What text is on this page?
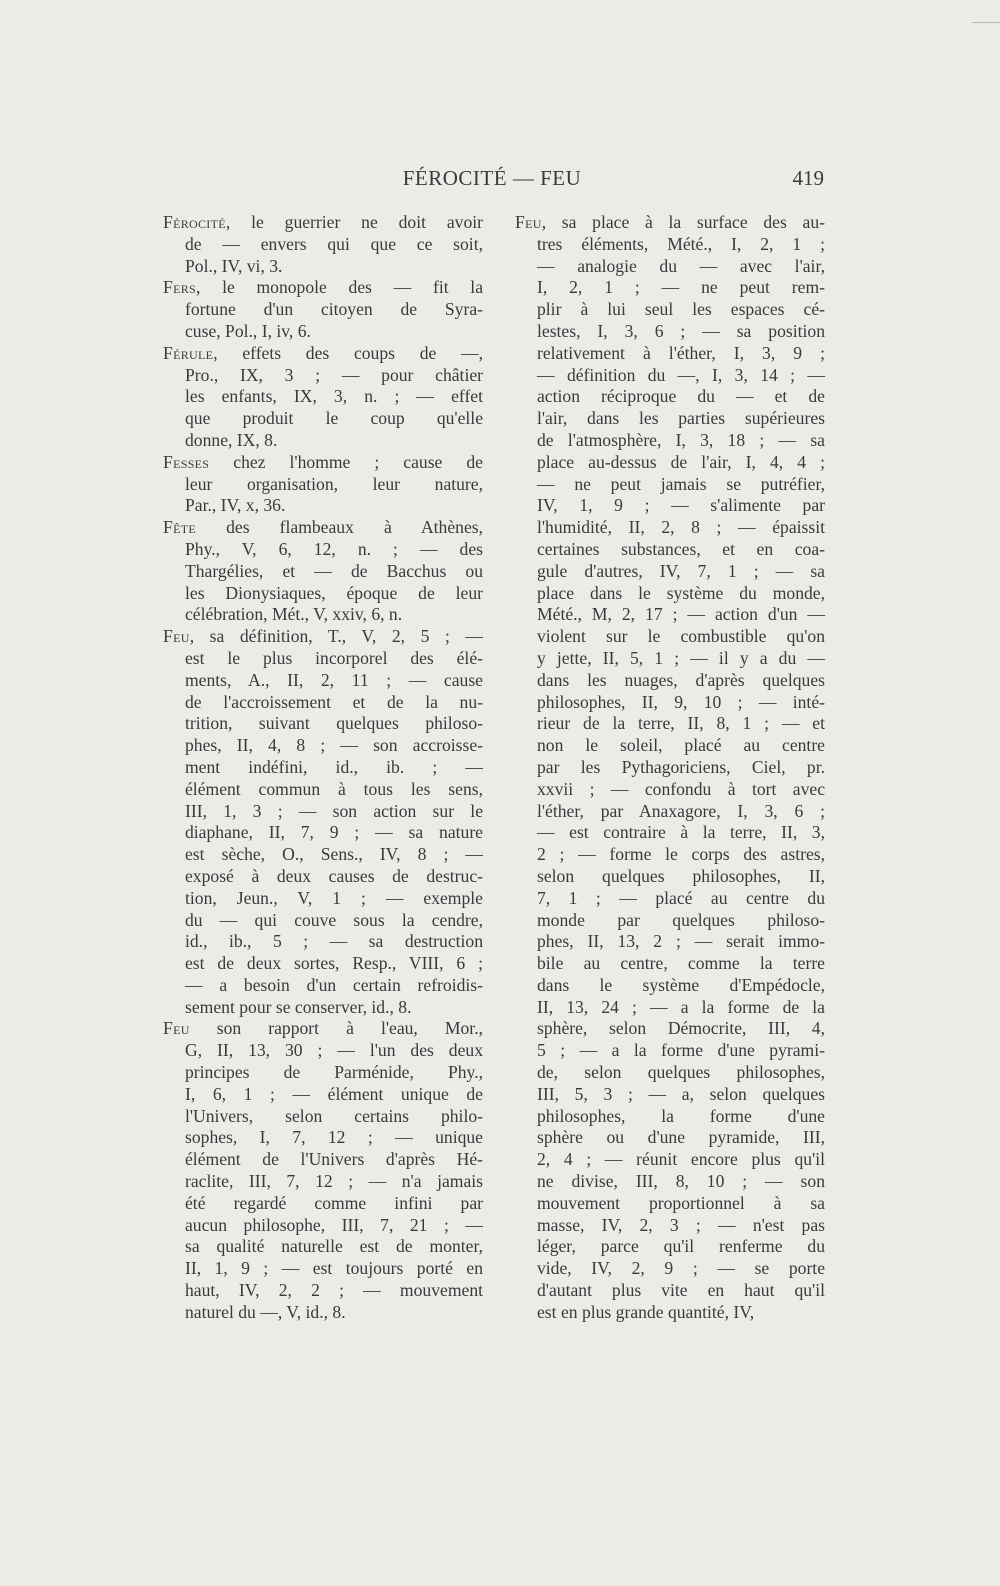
FÉROCITÉ — FEU	419
Férocité, le guerrier ne doit avoir
de — envers qui que ce soit,
Pol., IV, vi, 3.
Fers, le monopole des — fit la
fortune d'un citoyen de Syra-
cuse, Pol., I, iv, 6.
Férule, effets des coups de —,
Pro., IX, 3 ; — pour châtier
les enfants, IX, 3, n. ; — effet
que produit le coup qu'elle
donne, IX, 8.
Fesses chez l'homme ; cause de
leur organisation, leur nature,
Par., IV, x, 36.
Fête des flambeaux à Athènes,
Phy., V, 6, 12, n. ; — des
Thargélies, et — de Bacchus ou
les Dionysiaques, époque de leur
célébration, Mét., V, xxiv, 6, n.
Feu, sa définition, T., V, 2, 5 ; —
est le plus incorporel des élé-
ments, A., II, 2, 11 ; — cause
de l'accroissement et de la nu-
trition, suivant quelques philoso-
phes, II, 4, 8 ; — son accroisse-
ment indéfini, id., ib. ; —
élément commun à tous les sens,
III, 1, 3 ; — son action sur le
diaphane, II, 7, 9 ; — sa nature
est sèche, O., Sens., IV, 8 ; —
exposé à deux causes de destruc-
tion, Jeun., V, 1 ; — exemple
du — qui couve sous la cendre,
id., ib., 5 ; — sa destruction
est de deux sortes, Resp., VIII, 6 ;
— a besoin d'un certain refroidis-
sement pour se conserver, id., 8.
Feu son rapport à l'eau, Mor.,
G, II, 13, 30 ; — l'un des deux
principes de Parménide, Phy.,
I, 6, 1 ; — élément unique de
l'Univers, selon certains philo-
sophes, I, 7, 12 ; — unique
élément de l'Univers d'après Hé-
raclite, III, 7, 12 ; — n'a jamais
été regardé comme infini par
aucun philosophe, III, 7, 21 ; —
sa qualité naturelle est de monter,
II, 1, 9 ; — est toujours porté en
haut, IV, 2, 2 ; — mouvement
naturel du —, V, id., 8.
Feu, sa place à la surface des au-
tres éléments, Mété., I, 2, 1 ;
— analogie du — avec l'air,
I, 2, 1 ; — ne peut rem-
plir à lui seul les espaces cé-
lestes, I, 3, 6 ; — sa position
relativement à l'éther, I, 3, 9 ;
— définition du —, I, 3, 14 ; —
action réciproque du — et de
l'air, dans les parties supérieures
de l'atmosphère, I, 3, 18 ; — sa
place au-dessus de l'air, I, 4, 4 ;
— ne peut jamais se putréfier,
IV, 1, 9 ; — s'alimente par
l'humidité, II, 2, 8 ; — épaissit
certaines substances, et en coa-
gule d'autres, IV, 7, 1 ; — sa
place dans le système du monde,
Mété., M, 2, 17 ; — action d'un —
violent sur le combustible qu'on
y jette, II, 5, 1 ; — il y a du —
dans les nuages, d'après quelques
philosophes, II, 9, 10 ; — inté-
rieur de la terre, II, 8, 1 ; — et
non le soleil, placé au centre
par les Pythagoriciens, Ciel, pr.
xxvii ; — confondu à tort avec
l'éther, par Anaxagore, I, 3, 6 ;
— est contraire à la terre, II, 3,
2 ; — forme le corps des astres,
selon quelques philosophes, II,
7, 1 ; — placé au centre du
monde par quelques philoso-
phes, II, 13, 2 ; — serait immo-
bile au centre, comme la terre
dans le système d'Empédocle,
II, 13, 24 ; — a la forme de la
sphère, selon Démocrite, III, 4,
5 ; — a la forme d'une pyrami-
de, selon quelques philosophes,
III, 5, 3 ; — a, selon quelques
philosophes, la forme d'une
sphère ou d'une pyramide, III,
2, 4 ; — réunit encore plus qu'il
ne divise, III, 8, 10 ; — son
mouvement proportionnel à sa
masse, IV, 2, 3 ; — n'est pas
léger, parce qu'il renferme du
vide, IV, 2, 9 ; — se porte
d'autant plus vite en haut qu'il
est en plus grande quantité, IV,
